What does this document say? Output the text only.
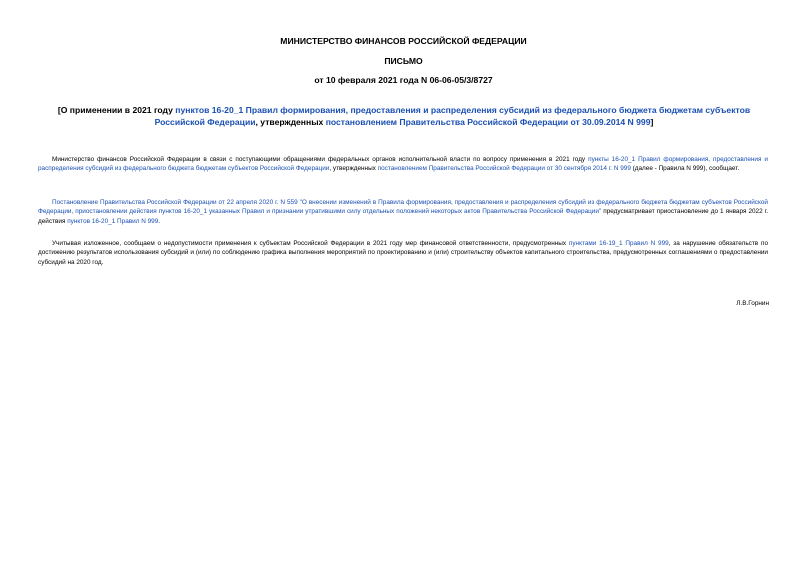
МИНИСТЕРСТВО ФИНАНСОВ РОССИЙСКОЙ ФЕДЕРАЦИИ
ПИСЬМО
от 10 февраля 2021 года N 06-06-05/3/8727
[О применении в 2021 году пунктов 16-20_1 Правил формирования, предоставления и распределения субсидий из федерального бюджета бюджетам субъектов Российской Федерации, утвержденных постановлением Правительства Российской Федерации от 30.09.2014 N 999]
Министерство финансов Российской Федерации в связи с поступающими обращениями федеральных органов исполнительной власти по вопросу применения в 2021 году пункты 16-20_1 Правил формирования, предоставления и распределения субсидий из федерального бюджета бюджетам субъектов Российской Федерации, утвержденных постановлением Правительства Российской Федерации от 30 сентября 2014 г. N 999 (далее - Правила N 999), сообщает.
Постановление Правительства Российской Федерации от 22 апреля 2020 г. N 559 "О внесении изменений в Правила формирования, предоставления и распределения субсидий из федерального бюджета бюджетам субъектов Российской Федерации, приостановлении действия пунктов 16-20_1 указанных Правил и признании утратившими силу отдельных положений некоторых актов Правительства Российской Федерации" предусматривает приостановление до 1 января 2022 г. действия пунктов 16-20_1 Правил N 999.
Учитывая изложенное, сообщаем о недопустимости применения к субъектам Российской Федерации в 2021 году мер финансовой ответственности, предусмотренных пунктами 16-19_1 Правил N 999, за нарушение обязательств по достижению результатов использования субсидий и (или) по соблюдению графика выполнения мероприятий по проектированию и (или) строительству объектов капитального строительства, предусмотренных соглашениями о предоставлении субсидий на 2020 год.
Л.В.Горнин
